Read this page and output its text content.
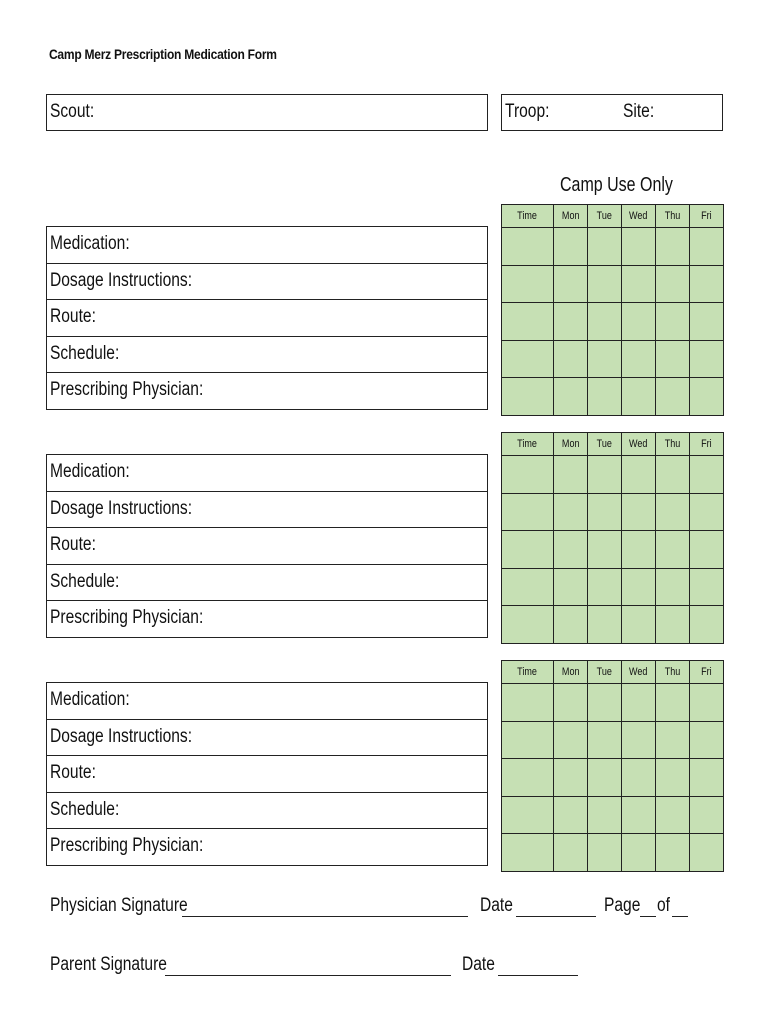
Camp Merz Prescription Medication Form
Scout:	Troop:	Site:
Camp Use Only
Medication:
Dosage Instructions:
Route:
Schedule:
Prescribing Physician:
Time	Mon	Tue	Wed	Thu	Fri

Medication:
Dosage Instructions:
Route:
Schedule:
Prescribing Physician:
Time	Mon	Tue	Wed	Thu	Fri

Medication:
Dosage Instructions:
Route:
Schedule:
Prescribing Physician:
Time	Mon	Tue	Wed	Thu	Fri

Physician Signature	Date	Page of
Parent Signature	Date
